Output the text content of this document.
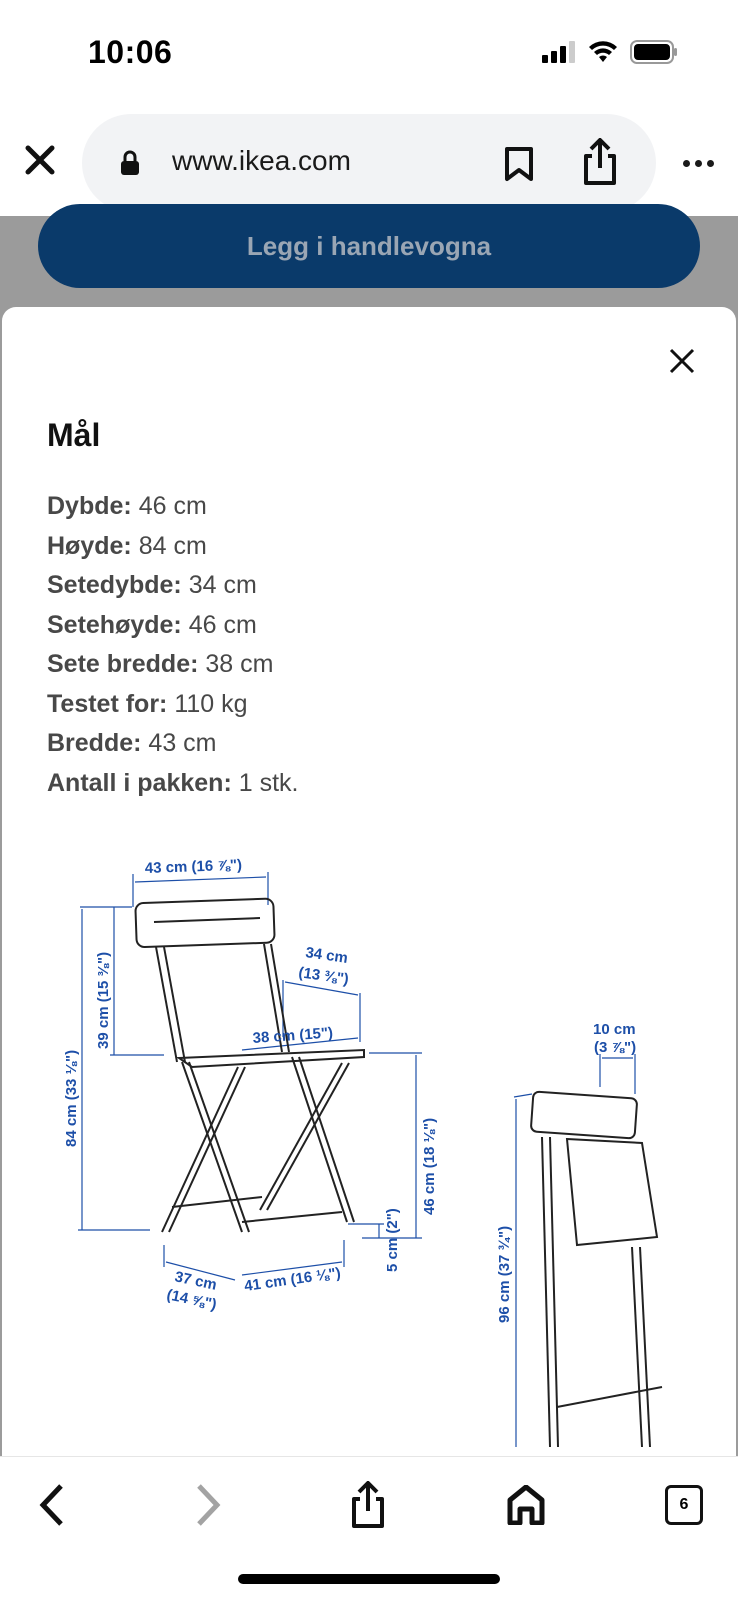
10:06
www.ikea.com
Legg i handlevogna
Mål
Dybde: 46 cm
Høyde: 84 cm
Setedybde: 34 cm
Setehøyde: 46 cm
Sete bredde: 38 cm
Testet for: 110 kg
Bredde: 43 cm
Antall i pakken: 1 stk.
43 cm (16 ⅞")
84 cm (33 ⅛")
39 cm (15 ⅜")	34 cm
(13 ⅜")
38 cm (15")
46 cm (18 ⅛")
5 cm (2")
37 cm
(14 ⅝")
41 cm (16 ⅛")
10 cm
(3 ⅞")
96 cm (37 ¾")
6
